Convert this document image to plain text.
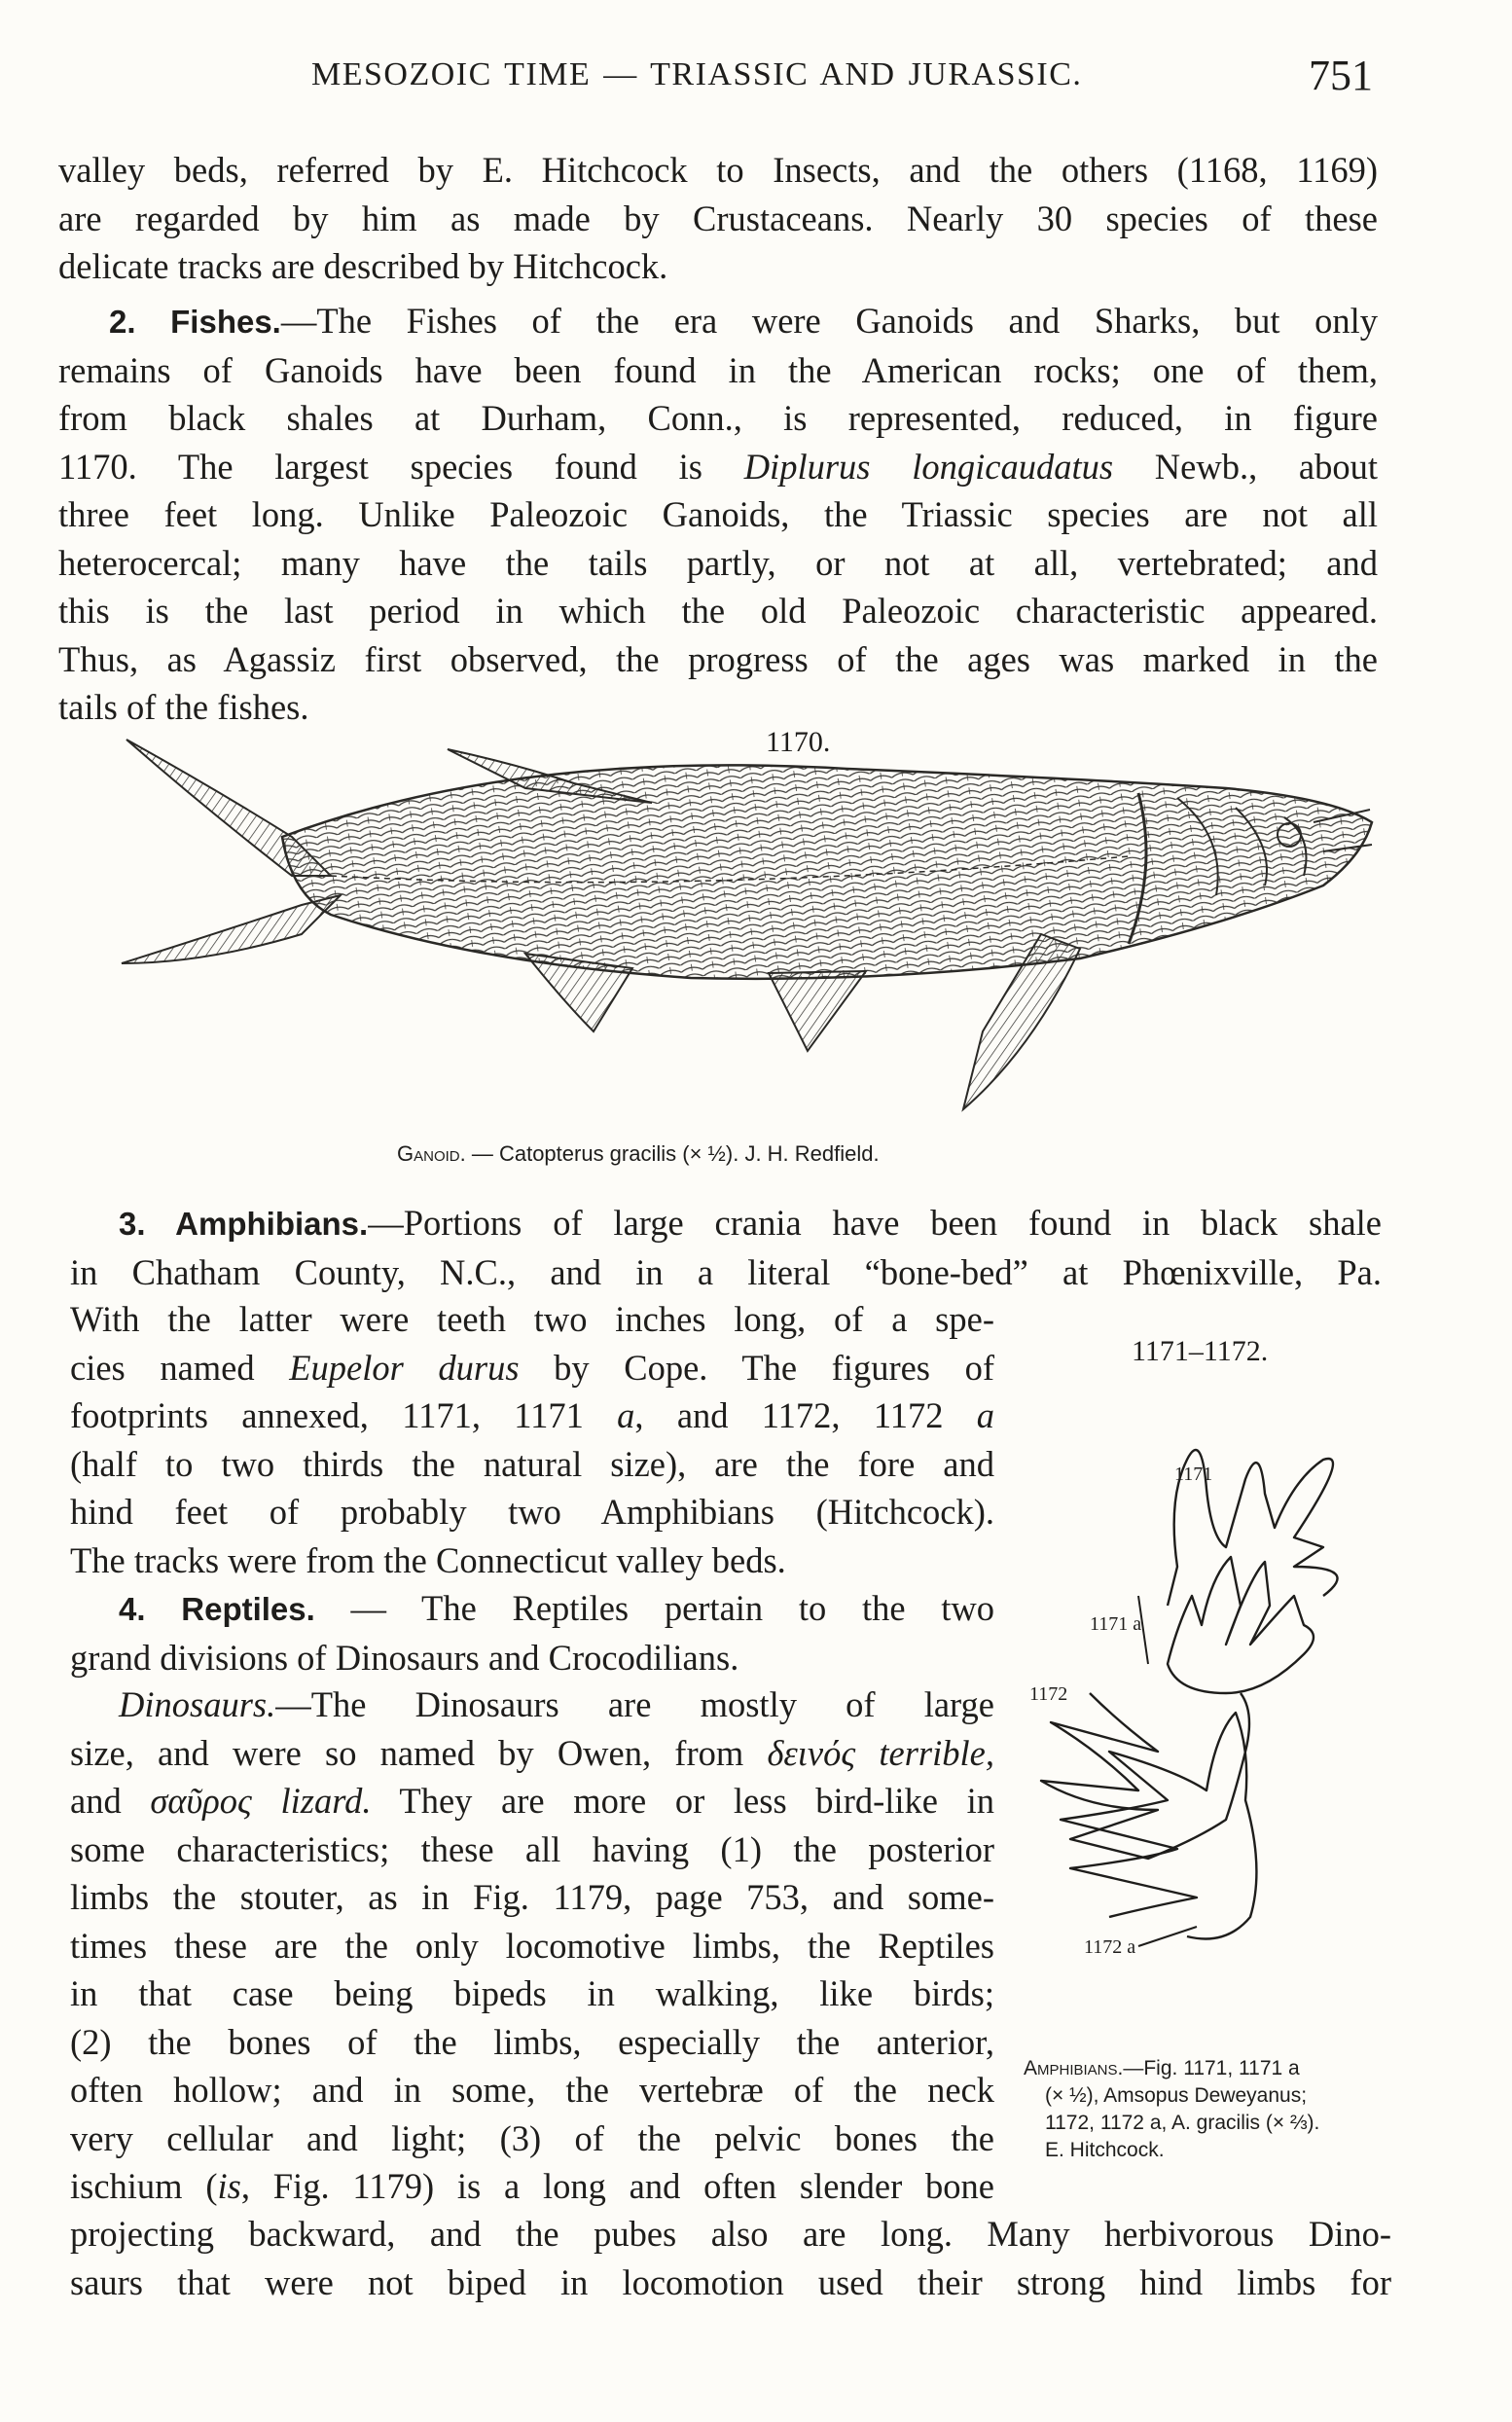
MESOZOIC TIME — TRIASSIC AND JURASSIC.	751

valley beds, referred by E. Hitchcock to Insects, and the others (1168, 1169)
are regarded by him as made by Crustaceans. Nearly 30 species of these
delicate tracks are described by Hitchcock.

2. Fishes.—The Fishes of the era were Ganoids and Sharks, but only
remains of Ganoids have been found in the American rocks; one of them,
from black shales at Durham, Conn., is represented, reduced, in figure
1170. The largest species found is Diplurus longicaudatus Newb., about
three feet long. Unlike Paleozoic Ganoids, the Triassic species are not all
heterocercal; many have the tails partly, or not at all, vertebrated; and
this is the last period in which the old Paleozoic characteristic appeared.
Thus, as Agassiz first observed, the progress of the ages was marked in the
tails of the fishes.

1170.
Ganoid. — Catopterus gracilis (× ½). J. H. Redfield.

3. Amphibians.—Portions of large crania have been found in black shale
in Chatham County, N.C., and in a literal “bone-bed” at Phœnixville, Pa.

With the latter were teeth two inches long, of a spe-
cies named Eupelor durus by Cope. The figures of
footprints annexed, 1171, 1171 a, and 1172, 1172 a
(half to two thirds the natural size), are the fore and
hind feet of probably two Amphibians (Hitchcock).
The tracks were from the Connecticut valley beds.

4. Reptiles. — The Reptiles pertain to the two
grand divisions of Dinosaurs and Crocodilians.

Dinosaurs.—The Dinosaurs are mostly of large
size, and were so named by Owen, from δεινός terrible,
and σαῦρος lizard. They are more or less bird-like in
some characteristics; these all having (1) the posterior
limbs the stouter, as in Fig. 1179, page 753, and some-
times these are the only locomotive limbs, the Reptiles
in that case being bipeds in walking, like birds;
(2) the bones of the limbs, especially the anterior,
often hollow; and in some, the vertebræ of the neck
very cellular and light; (3) of the pelvic bones the
ischium (is, Fig. 1179) is a long and often slender bone

projecting backward, and the pubes also are long. Many herbivorous Dino-
saurs that were not biped in locomotion used their strong hind limbs for

1171–1172.
1171
1171 a
1172
1172 a
Amphibians.—Fig. 1171, 1171 a
(× ½), Amsopus Deweyanus;
1172, 1172 a, A. gracilis (× ⅔).
E. Hitchcock.
